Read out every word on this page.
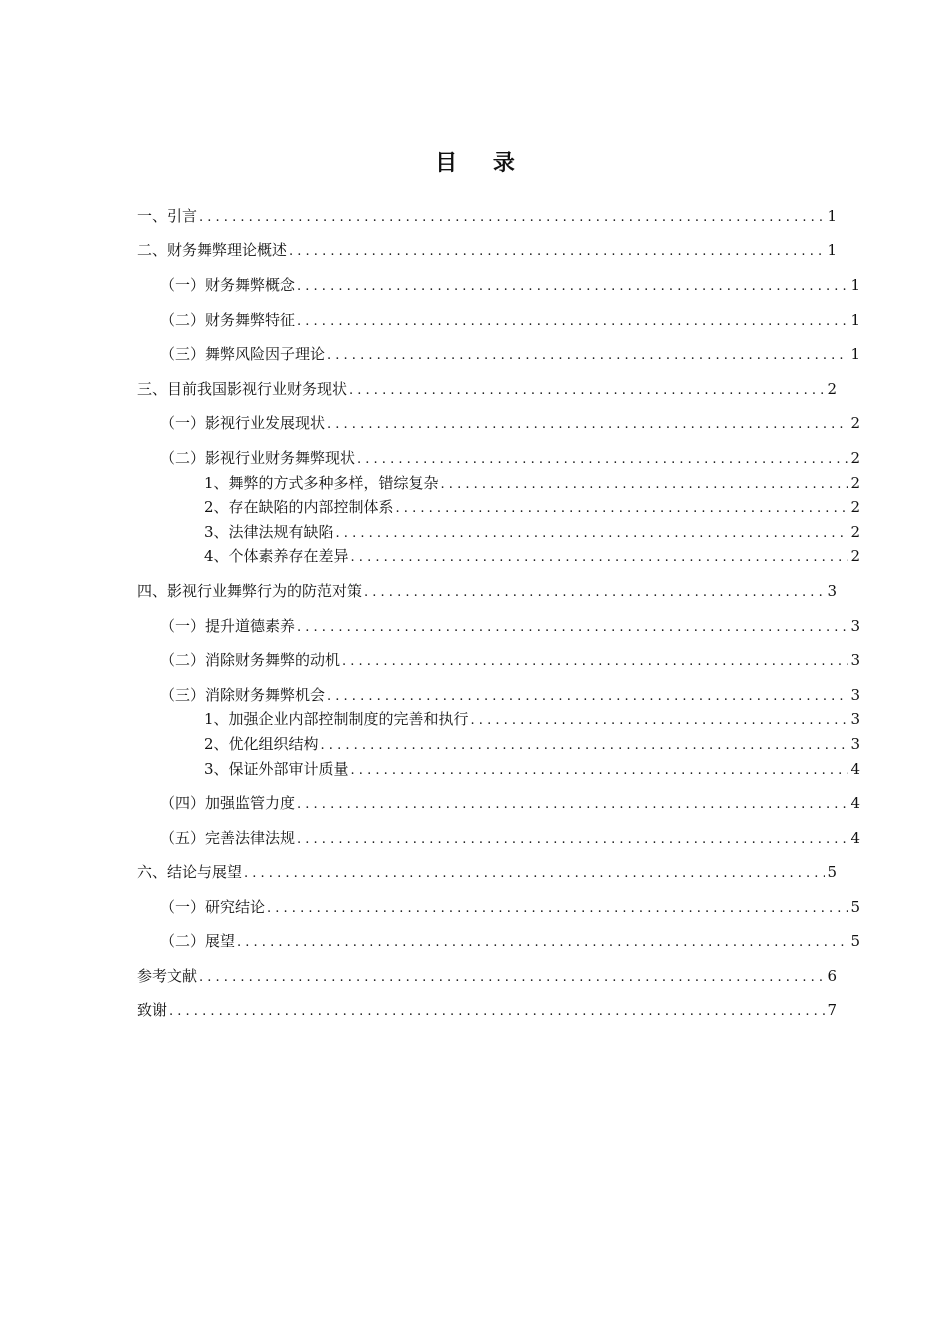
目 录
一、引言 . . .	1
二、财务舞弊理论概述 . . .	1
（一）财务舞弊概念 . . .	1
（二）财务舞弊特征 . . .	1
（三）舞弊风险因子理论 . . .	1
三、目前我国影视行业财务现状 . . .	2
（一）影视行业发展现状 . . .	2
（二）影视行业财务舞弊现状 . . .	2
1、舞弊的方式多种多样，错综复杂 . . .	2
2、存在缺陷的内部控制体系 . . .	2
3、法律法规有缺陷 . . .	2
4、个体素养存在差异 . . .	2
四、影视行业舞弊行为的防范对策 . . .	3
（一）提升道德素养 . . .	3
（二）消除财务舞弊的动机 . . .	3
（三）消除财务舞弊机会 . . .	3
1、加强企业内部控制制度的完善和执行 . . .	3
2、优化组织结构 . . .	3
3、保证外部审计质量 . . .	4
（四）加强监管力度 . . .	4
（五）完善法律法规 . . .	4
六、结论与展望 . . .	5
（一）研究结论 . . .	5
（二）展望 . . .	5
参考文献 . . .	6
致谢 . . .	7
